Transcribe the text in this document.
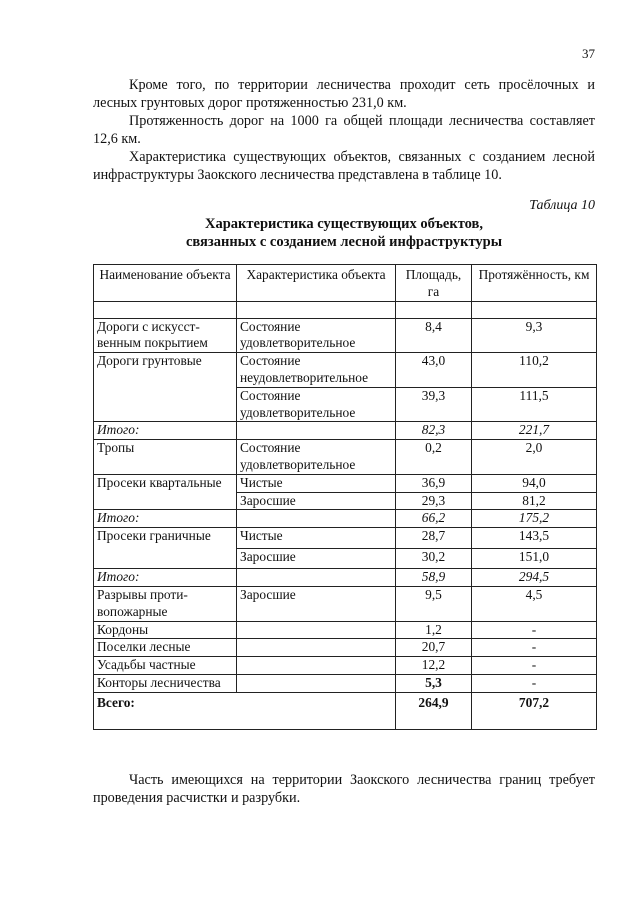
37

Кроме того, по территории лесничества проходит сеть просёлочных и лесных грунтовых дорог протяженностью 231,0 км.

Протяженность дорог на 1000 га общей площади лесничества составляет 12,6 км.

Характеристика существующих объектов, связанных с созданием лесной инфраструктуры Заокского лесничества представлена в таблице 10.

Таблица 10
Характеристика существующих объектов,
связанных с созданием лесной инфраструктуры
Наименование объекта	Характеристика объекта	Площадь, га	Протяжённость, км

Дороги с искусст-венным покрытием	Состояние удовлетворительное	8,4	9,3
Дороги грунтовые	Состояние неудовлетворительное	43,0	110,2
	Состояние удовлетворительное	39,3	111,5
Итого:		82,3	221,7
Тропы	Состояние удовлетворительное	0,2	2,0
Просеки квартальные	Чистые	36,9	94,0
	Заросшие	29,3	81,2
Итого:		66,2	175,2
Просеки граничные	Чистые	28,7	143,5
	Заросшие	30,2	151,0
Итого:		58,9	294,5
Разрывы проти-вопожарные	Заросшие	9,5	4,5
Кордоны		1,2	-
Поселки лесные		20,7	-
Усадьбы частные		12,2	-
Конторы лесничества		5,3	-
Всего:		264,9	707,2

Часть имеющихся на территории Заокского лесничества границ требует проведения расчистки и разрубки.
